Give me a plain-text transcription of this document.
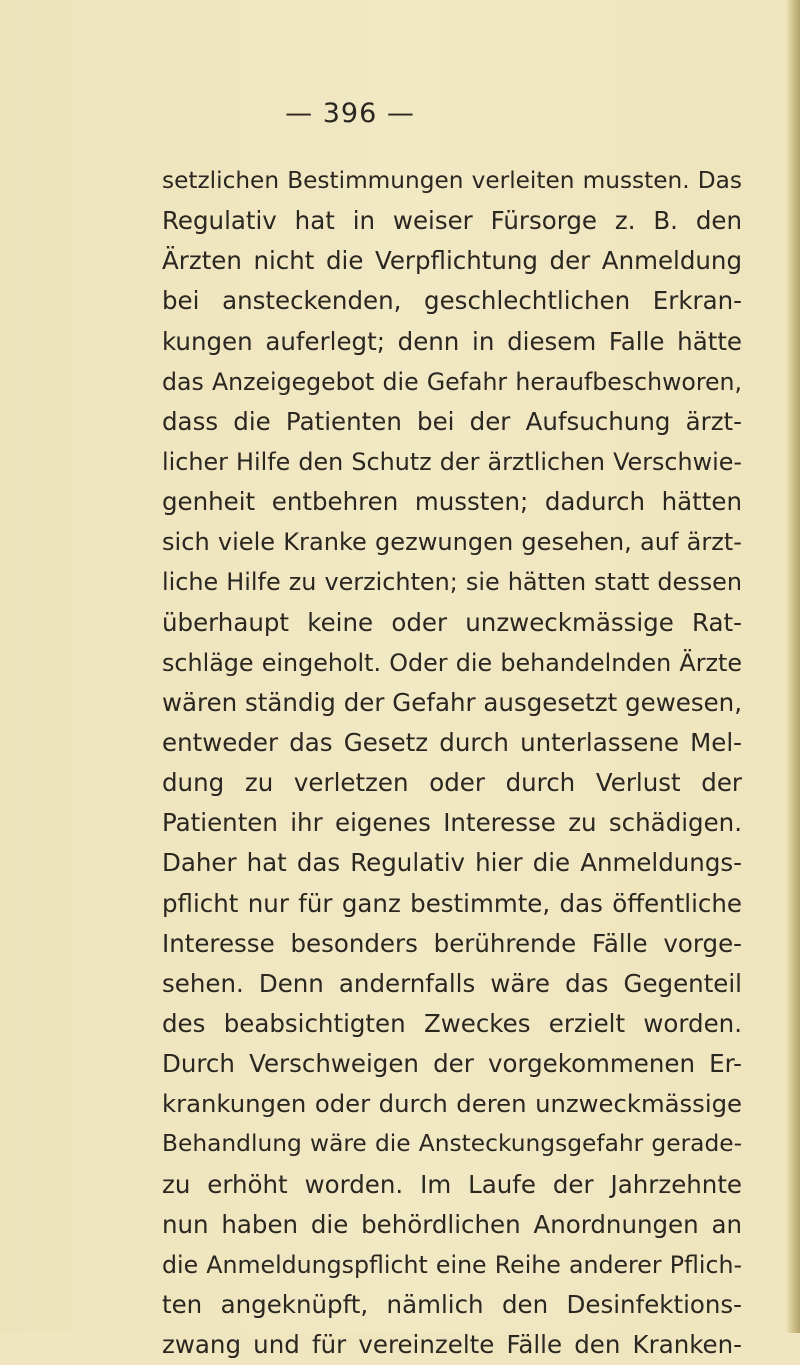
— 396 —
setzlichen Bestimmungen verleiten mussten. Das
Regulativ hat in weiser Fürsorge z. B. den
Ärzten nicht die Verpflichtung der Anmeldung
bei ansteckenden, geschlechtlichen Erkran-
kungen auferlegt; denn in diesem Falle hätte
das Anzeigegebot die Gefahr heraufbeschworen,
dass die Patienten bei der Aufsuchung ärzt-
licher Hilfe den Schutz der ärztlichen Verschwie-
genheit entbehren mussten; dadurch hätten
sich viele Kranke gezwungen gesehen, auf ärzt-
liche Hilfe zu verzichten; sie hätten statt dessen
überhaupt keine oder unzweckmässige Rat-
schläge eingeholt. Oder die behandelnden Ärzte
wären ständig der Gefahr ausgesetzt gewesen,
entweder das Gesetz durch unterlassene Mel-
dung zu verletzen oder durch Verlust der
Patienten ihr eigenes Interesse zu schädigen.
Daher hat das Regulativ hier die Anmeldungs-
pflicht nur für ganz bestimmte, das öffentliche
Interesse besonders berührende Fälle vorge-
sehen. Denn andernfalls wäre das Gegenteil
des beabsichtigten Zweckes erzielt worden.
Durch Verschweigen der vorgekommenen Er-
krankungen oder durch deren unzweckmässige
Behandlung wäre die Ansteckungsgefahr gerade-
zu erhöht worden. Im Laufe der Jahrzehnte
nun haben die behördlichen Anordnungen an
die Anmeldungspflicht eine Reihe anderer Pflich-
ten angeknüpft, nämlich den Desinfektions-
zwang und für vereinzelte Fälle den Kranken-
